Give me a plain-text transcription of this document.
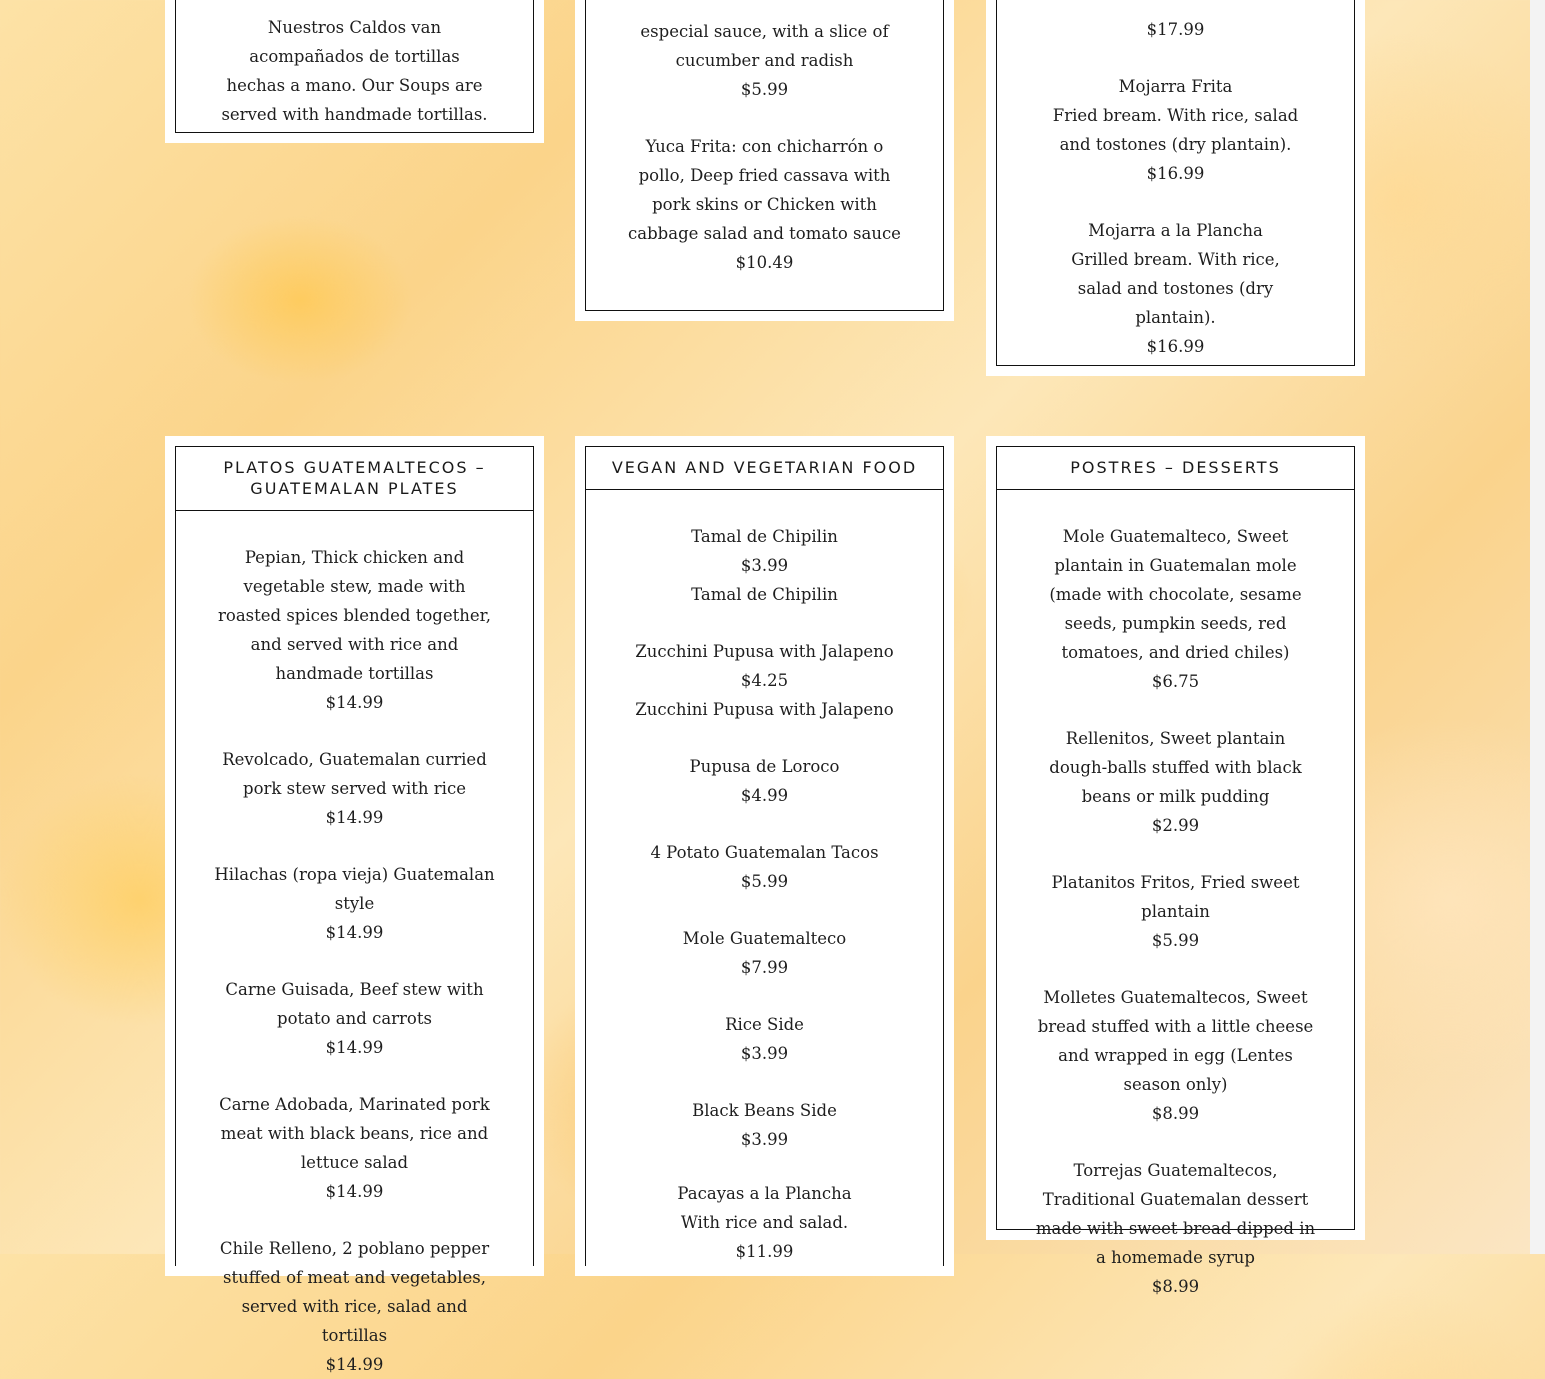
Nuestros Caldos van acompañados de tortillas hechas a mano. Our Soups are served with handmade tortillas.
especial sauce, with a slice of cucumber and radish
$5.99
Yuca Frita: con chicharrón o pollo, Deep fried cassava with pork skins or Chicken with cabbage salad and tomato sauce
$10.49
$17.99
Mojarra Frita
Fried bream. With rice, salad and tostones (dry plantain).
$16.99
Mojarra a la Plancha
Grilled bream. With rice, salad and tostones (dry plantain).
$16.99
PLATOS GUATEMALTECOS – GUATEMALAN PLATES
Pepian, Thick chicken and vegetable stew, made with roasted spices blended together, and served with rice and handmade tortillas
$14.99
Revolcado, Guatemalan curried pork stew served with rice
$14.99
Hilachas (ropa vieja) Guatemalan style
$14.99
Carne Guisada, Beef stew with potato and carrots
$14.99
Carne Adobada, Marinated pork meat with black beans, rice and lettuce salad
$14.99
Chile Relleno, 2 poblano pepper stuffed of meat and vegetables, served with rice, salad and tortillas
$14.99
VEGAN AND VEGETARIAN FOOD
Tamal de Chipilin
$3.99
Tamal de Chipilin
Zucchini Pupusa with Jalapeno
$4.25
Zucchini Pupusa with Jalapeno
Pupusa de Loroco
$4.99
4 Potato Guatemalan Tacos
$5.99
Mole Guatemalteco
$7.99
Rice Side
$3.99
Black Beans Side
$3.99
Pacayas a la Plancha
With rice and salad.
$11.99
POSTRES – DESSERTS
Mole Guatemalteco, Sweet plantain in Guatemalan mole (made with chocolate, sesame seeds, pumpkin seeds, red tomatoes, and dried chiles)
$6.75
Rellenitos, Sweet plantain dough-balls stuffed with black beans or milk pudding
$2.99
Platanitos Fritos, Fried sweet plantain
$5.99
Molletes Guatemaltecos, Sweet bread stuffed with a little cheese and wrapped in egg (Lentes season only)
$8.99
Torrejas Guatemaltecos, Traditional Guatemalan dessert made with sweet bread dipped in a homemade syrup
$8.99
